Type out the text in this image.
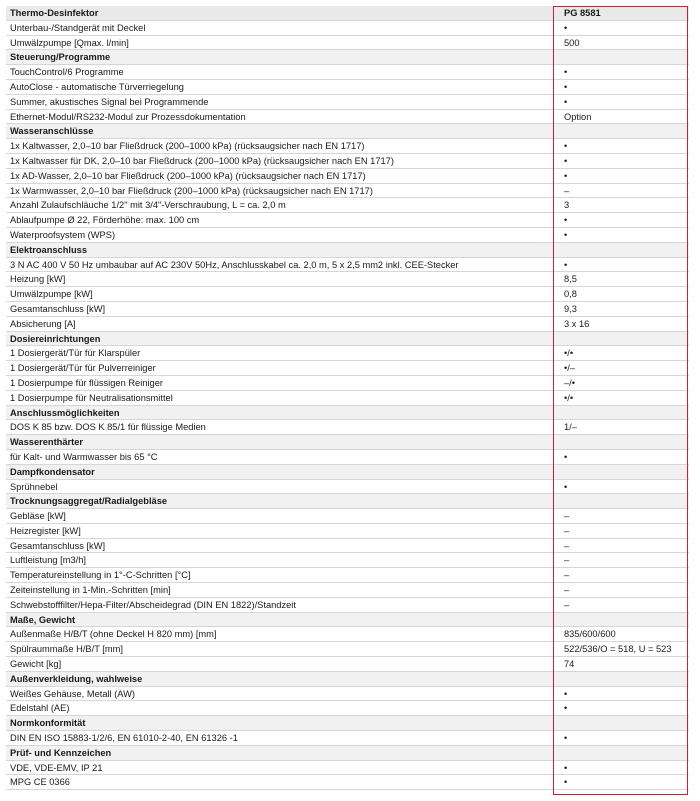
Thermo-Desinfektor	PG 8581
Unterbau-/Standgerät mit Deckel	•
Umwälzpumpe [Qmax. l/min]	500
Steuerung/Programme
TouchControl/6 Programme	•
AutoClose - automatische Türverriegelung	•
Summer, akustisches Signal bei Programmende	•
Ethernet-Modul/RS232-Modul zur Prozessdokumentation	Option
Wasseranschlüsse
1x Kaltwasser, 2,0–10 bar Fließdruck (200–1000 kPa) (rücksaugsicher nach EN 1717)	•
1x Kaltwasser für DK, 2,0–10 bar Fließdruck (200–1000 kPa) (rücksaugsicher nach EN 1717)	•
1x AD-Wasser, 2,0–10 bar Fließdruck (200–1000 kPa) (rücksaugsicher nach EN 1717)	•
1x Warmwasser, 2,0–10 bar Fließdruck (200–1000 kPa) (rücksaugsicher nach EN 1717)	–
Anzahl Zulaufschläuche 1/2" mit 3/4"-Verschraubung, L = ca. 2,0 m	3
Ablaufpumpe Ø 22, Förderhöhe: max. 100 cm	•
Waterproofsystem (WPS)	•
Elektroanschluss
3 N AC 400 V 50 Hz umbaubar auf AC 230V 50Hz, Anschlusskabel ca. 2,0 m, 5 x 2,5 mm2 inkl. CEE-Stecker	•
Heizung [kW]	8,5
Umwälzpumpe [kW]	0,8
Gesamtanschluss [kW]	9,3
Absicherung [A]	3 x 16
Dosiereinrichtungen
1 Dosiergerät/Tür für Klarspüler	•/•
1 Dosiergerät/Tür für Pulverreiniger	•/–
1 Dosierpumpe für flüssigen Reiniger	–/•
1 Dosierpumpe für Neutralisationsmittel	•/•
Anschlussmöglichkeiten
DOS K 85 bzw. DOS K 85/1 für flüssige Medien	1/–
Wasserenthärter
für Kalt- und Warmwasser bis 65 °C	•
Dampfkondensator
Sprühnebel	•
Trocknungsaggregat/Radialgebläse
Gebläse [kW]	–
Heizregister [kW]	–
Gesamtanschluss [kW]	–
Luftleistung [m3/h]	–
Temperatureinstellung in 1°-C-Schritten [°C]	–
Zeiteinstellung in 1-Min.-Schritten [min]	–
Schwebstofffilter/Hepa-Filter/Abscheidegrad (DIN EN 1822)/Standzeit	–
Maße, Gewicht
Außenmaße H/B/T (ohne Deckel H 820 mm) [mm]	835/600/600
Spülraummaße H/B/T [mm]	522/536/O = 518, U = 523
Gewicht [kg]	74
Außenverkleidung, wahlweise
Weißes Gehäuse, Metall (AW)	•
Edelstahl (AE)	•
Normkonformität
DIN EN ISO 15883-1/2/6, EN 61010-2-40, EN 61326 -1	•
Prüf- und Kennzeichen
VDE, VDE-EMV, IP 21	•
MPG CE 0366	•
